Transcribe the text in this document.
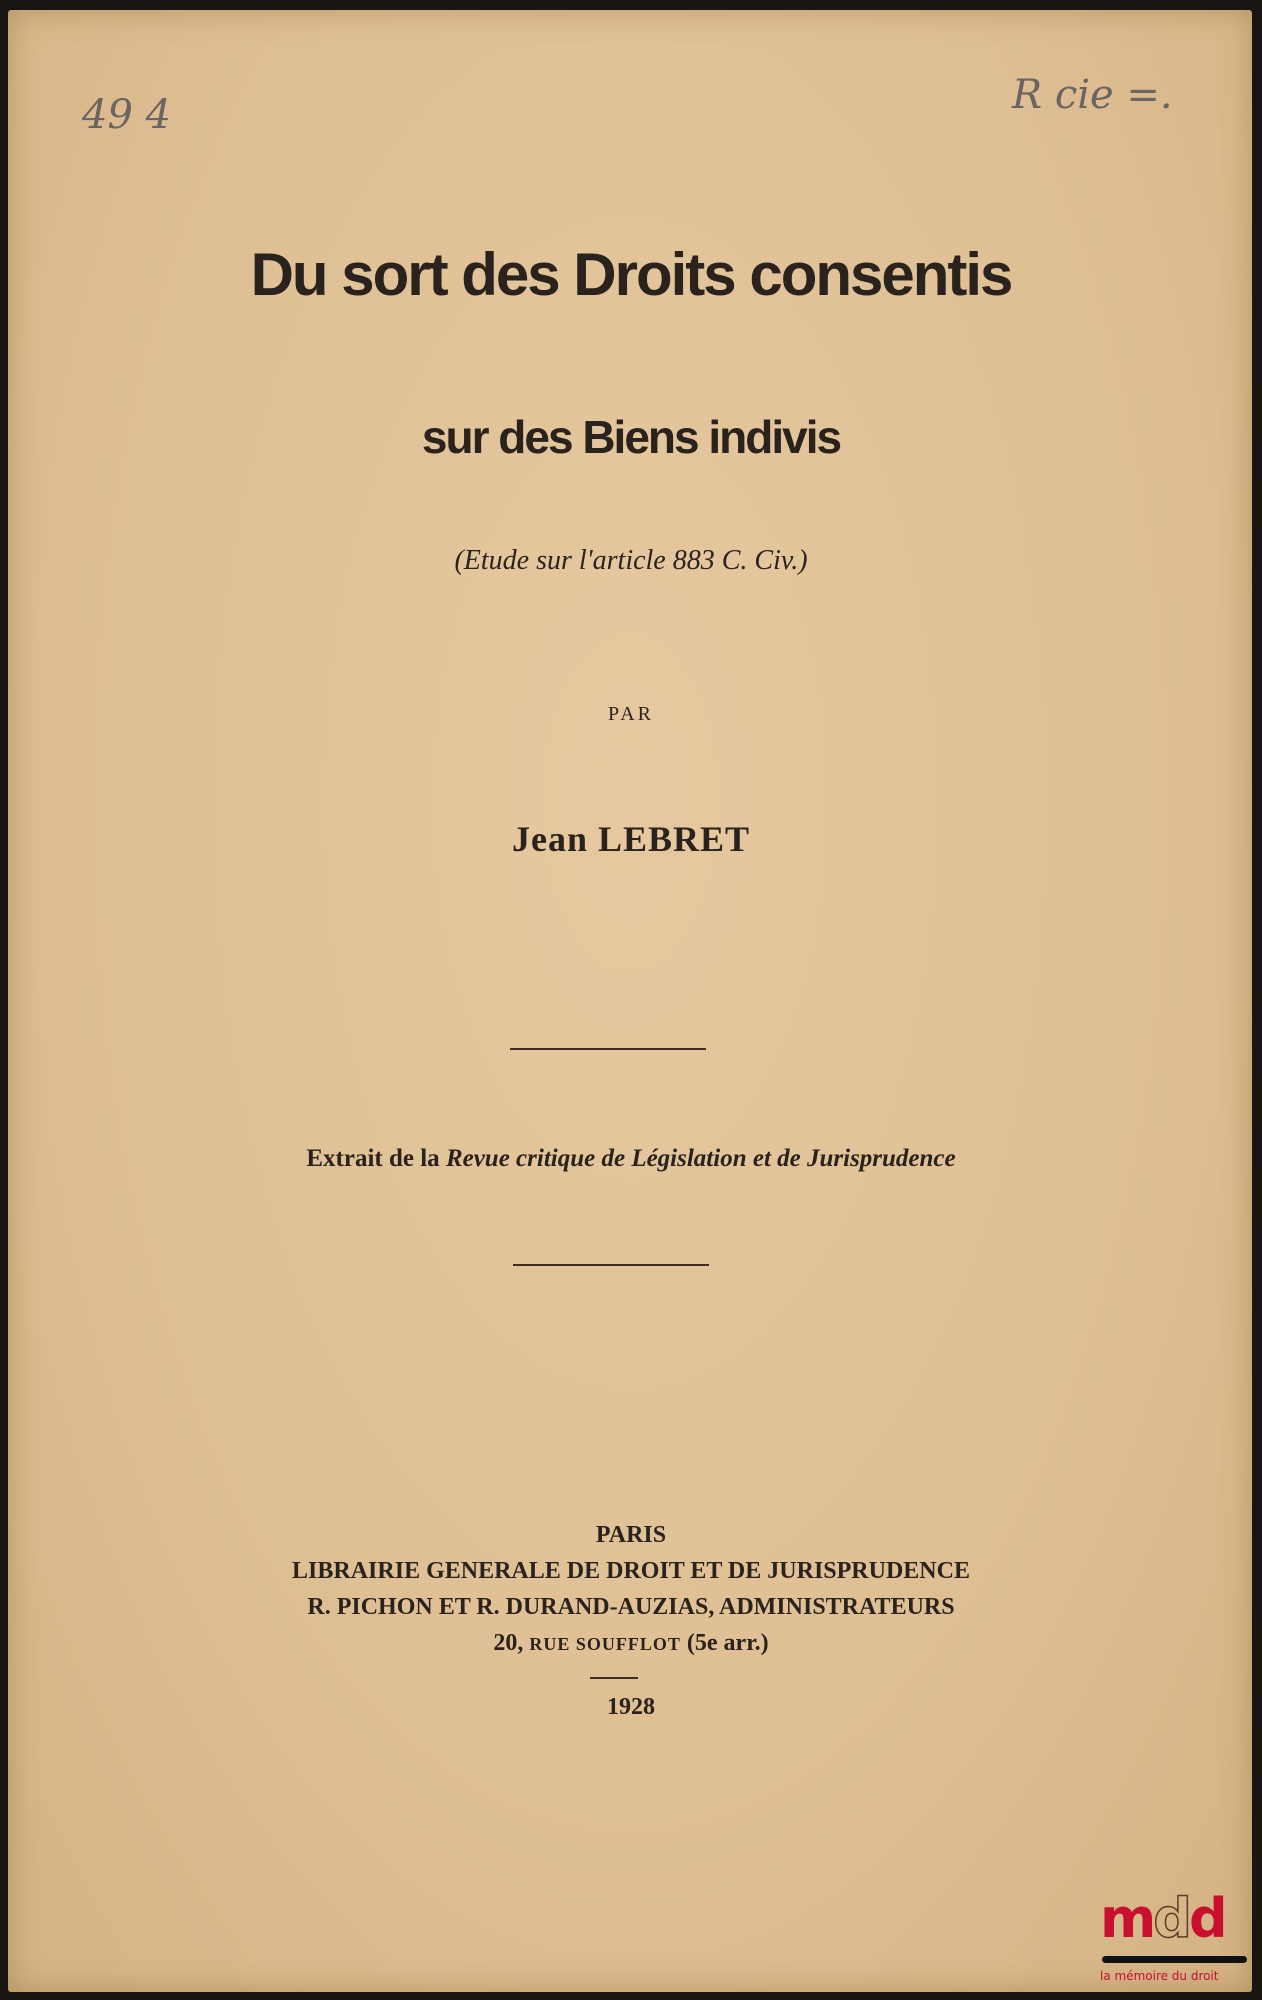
49 4	R cie =.
Du sort des Droits consentis
sur des Biens indivis
(Etude sur l'article 883 C. Civ.)
PAR
Jean LEBRET
Extrait de la Revue critique de Législation et de Jurisprudence
PARIS
LIBRAIRIE GENERALE DE DROIT ET DE JURISPRUDENCE
R. PICHON ET R. DURAND-AUZIAS, ADMINISTRATEURS
20, RUE SOUFFLOT (5e arr.)
1928
mdd
la mémoire du droit
